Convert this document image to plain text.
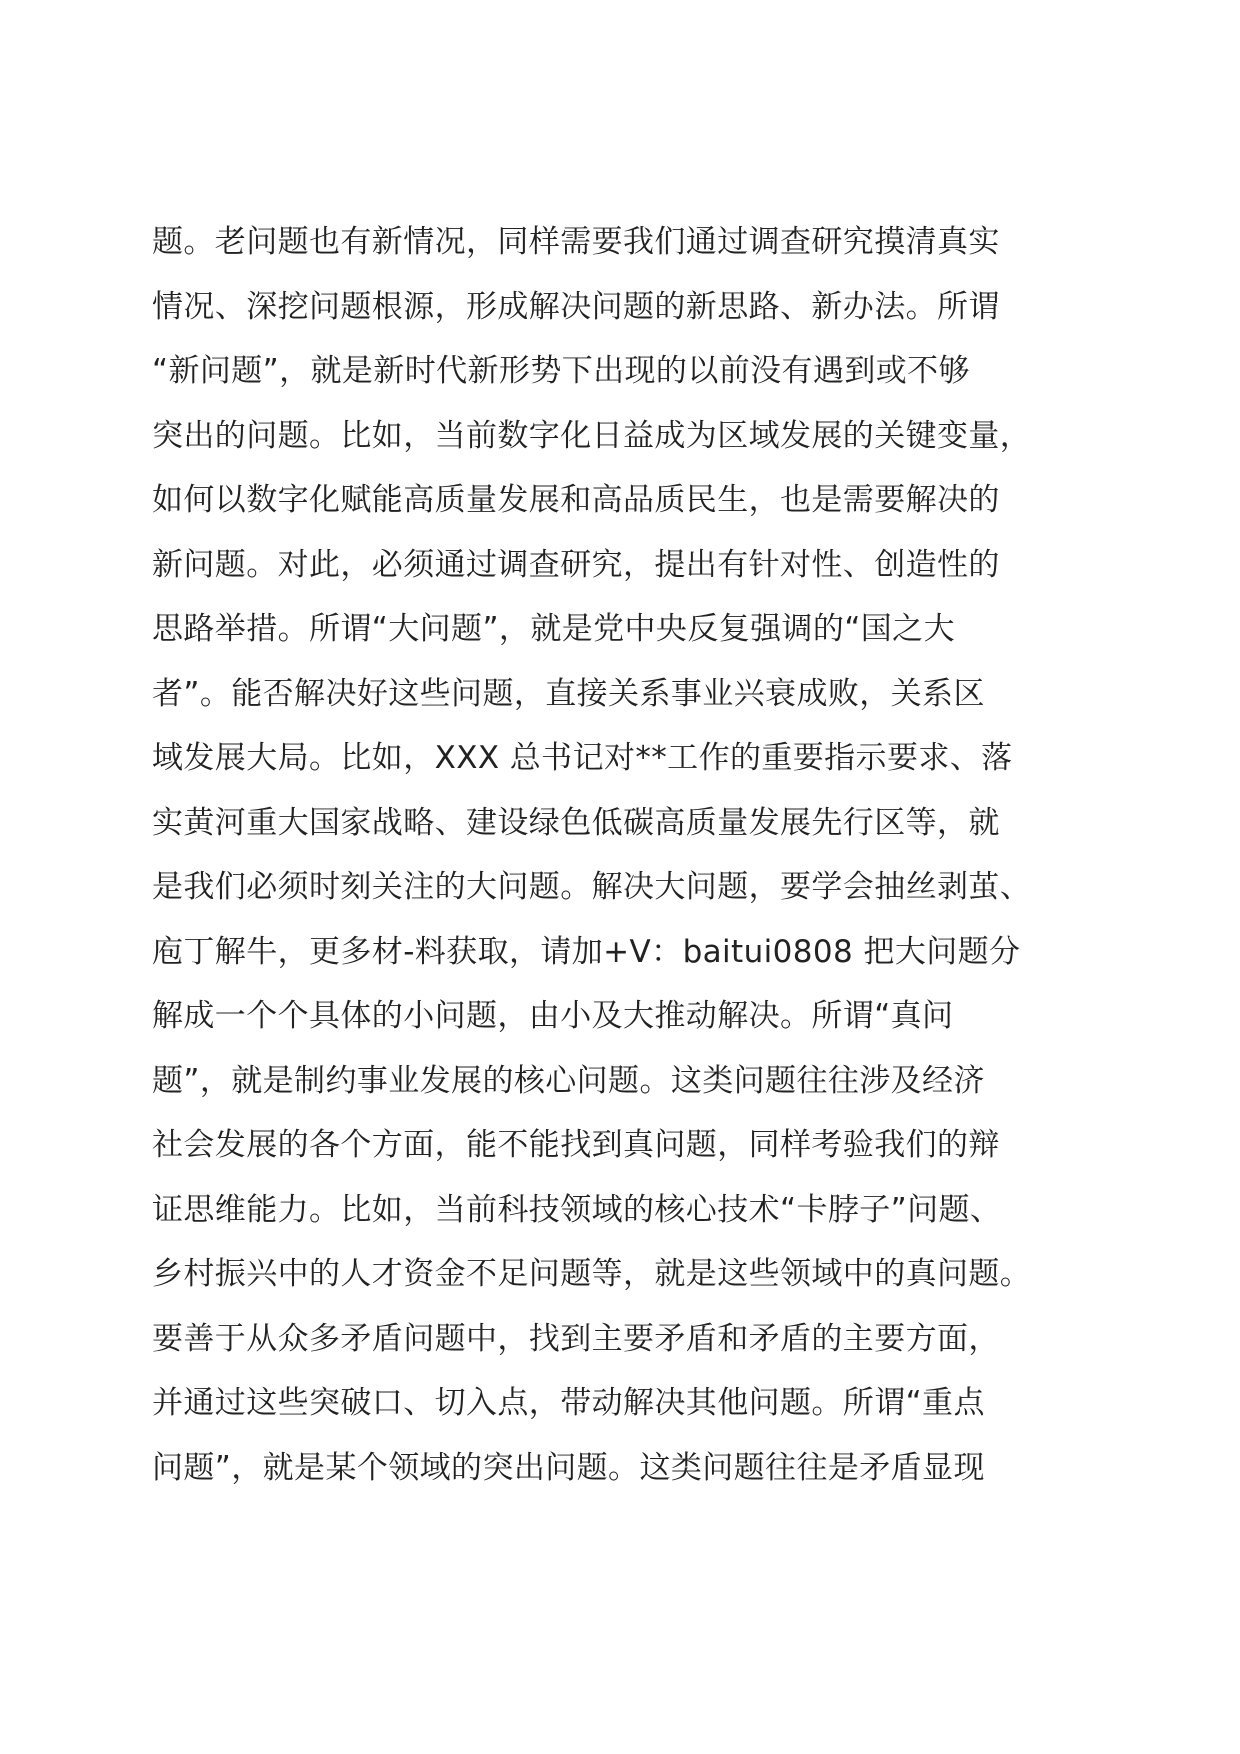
题。老问题也有新情况，同样需要我们通过调查研究摸清真实
情况、深挖问题根源，形成解决问题的新思路、新办法。所谓
“新问题”，就是新时代新形势下出现的以前没有遇到或不够
突出的问题。比如，当前数字化日益成为区域发展的关键变量，
如何以数字化赋能高质量发展和高品质民生，也是需要解决的
新问题。对此，必须通过调查研究，提出有针对性、创造性的
思路举措。所谓“大问题”，就是党中央反复强调的“国之大
者”。能否解决好这些问题，直接关系事业兴衰成败，关系区
域发展大局。比如，XXX 总书记对**工作的重要指示要求、落
实黄河重大国家战略、建设绿色低碳高质量发展先行区等，就
是我们必须时刻关注的大问题。解决大问题，要学会抽丝剥茧、
庖丁解牛，更多材-料获取，请加+V：baitui0808 把大问题分
解成一个个具体的小问题，由小及大推动解决。所谓“真问
题”，就是制约事业发展的核心问题。这类问题往往涉及经济
社会发展的各个方面，能不能找到真问题，同样考验我们的辩
证思维能力。比如，当前科技领域的核心技术“卡脖子”问题、
乡村振兴中的人才资金不足问题等，就是这些领域中的真问题。
要善于从众多矛盾问题中，找到主要矛盾和矛盾的主要方面，
并通过这些突破口、切入点，带动解决其他问题。所谓“重点
问题”，就是某个领域的突出问题。这类问题往往是矛盾显现
